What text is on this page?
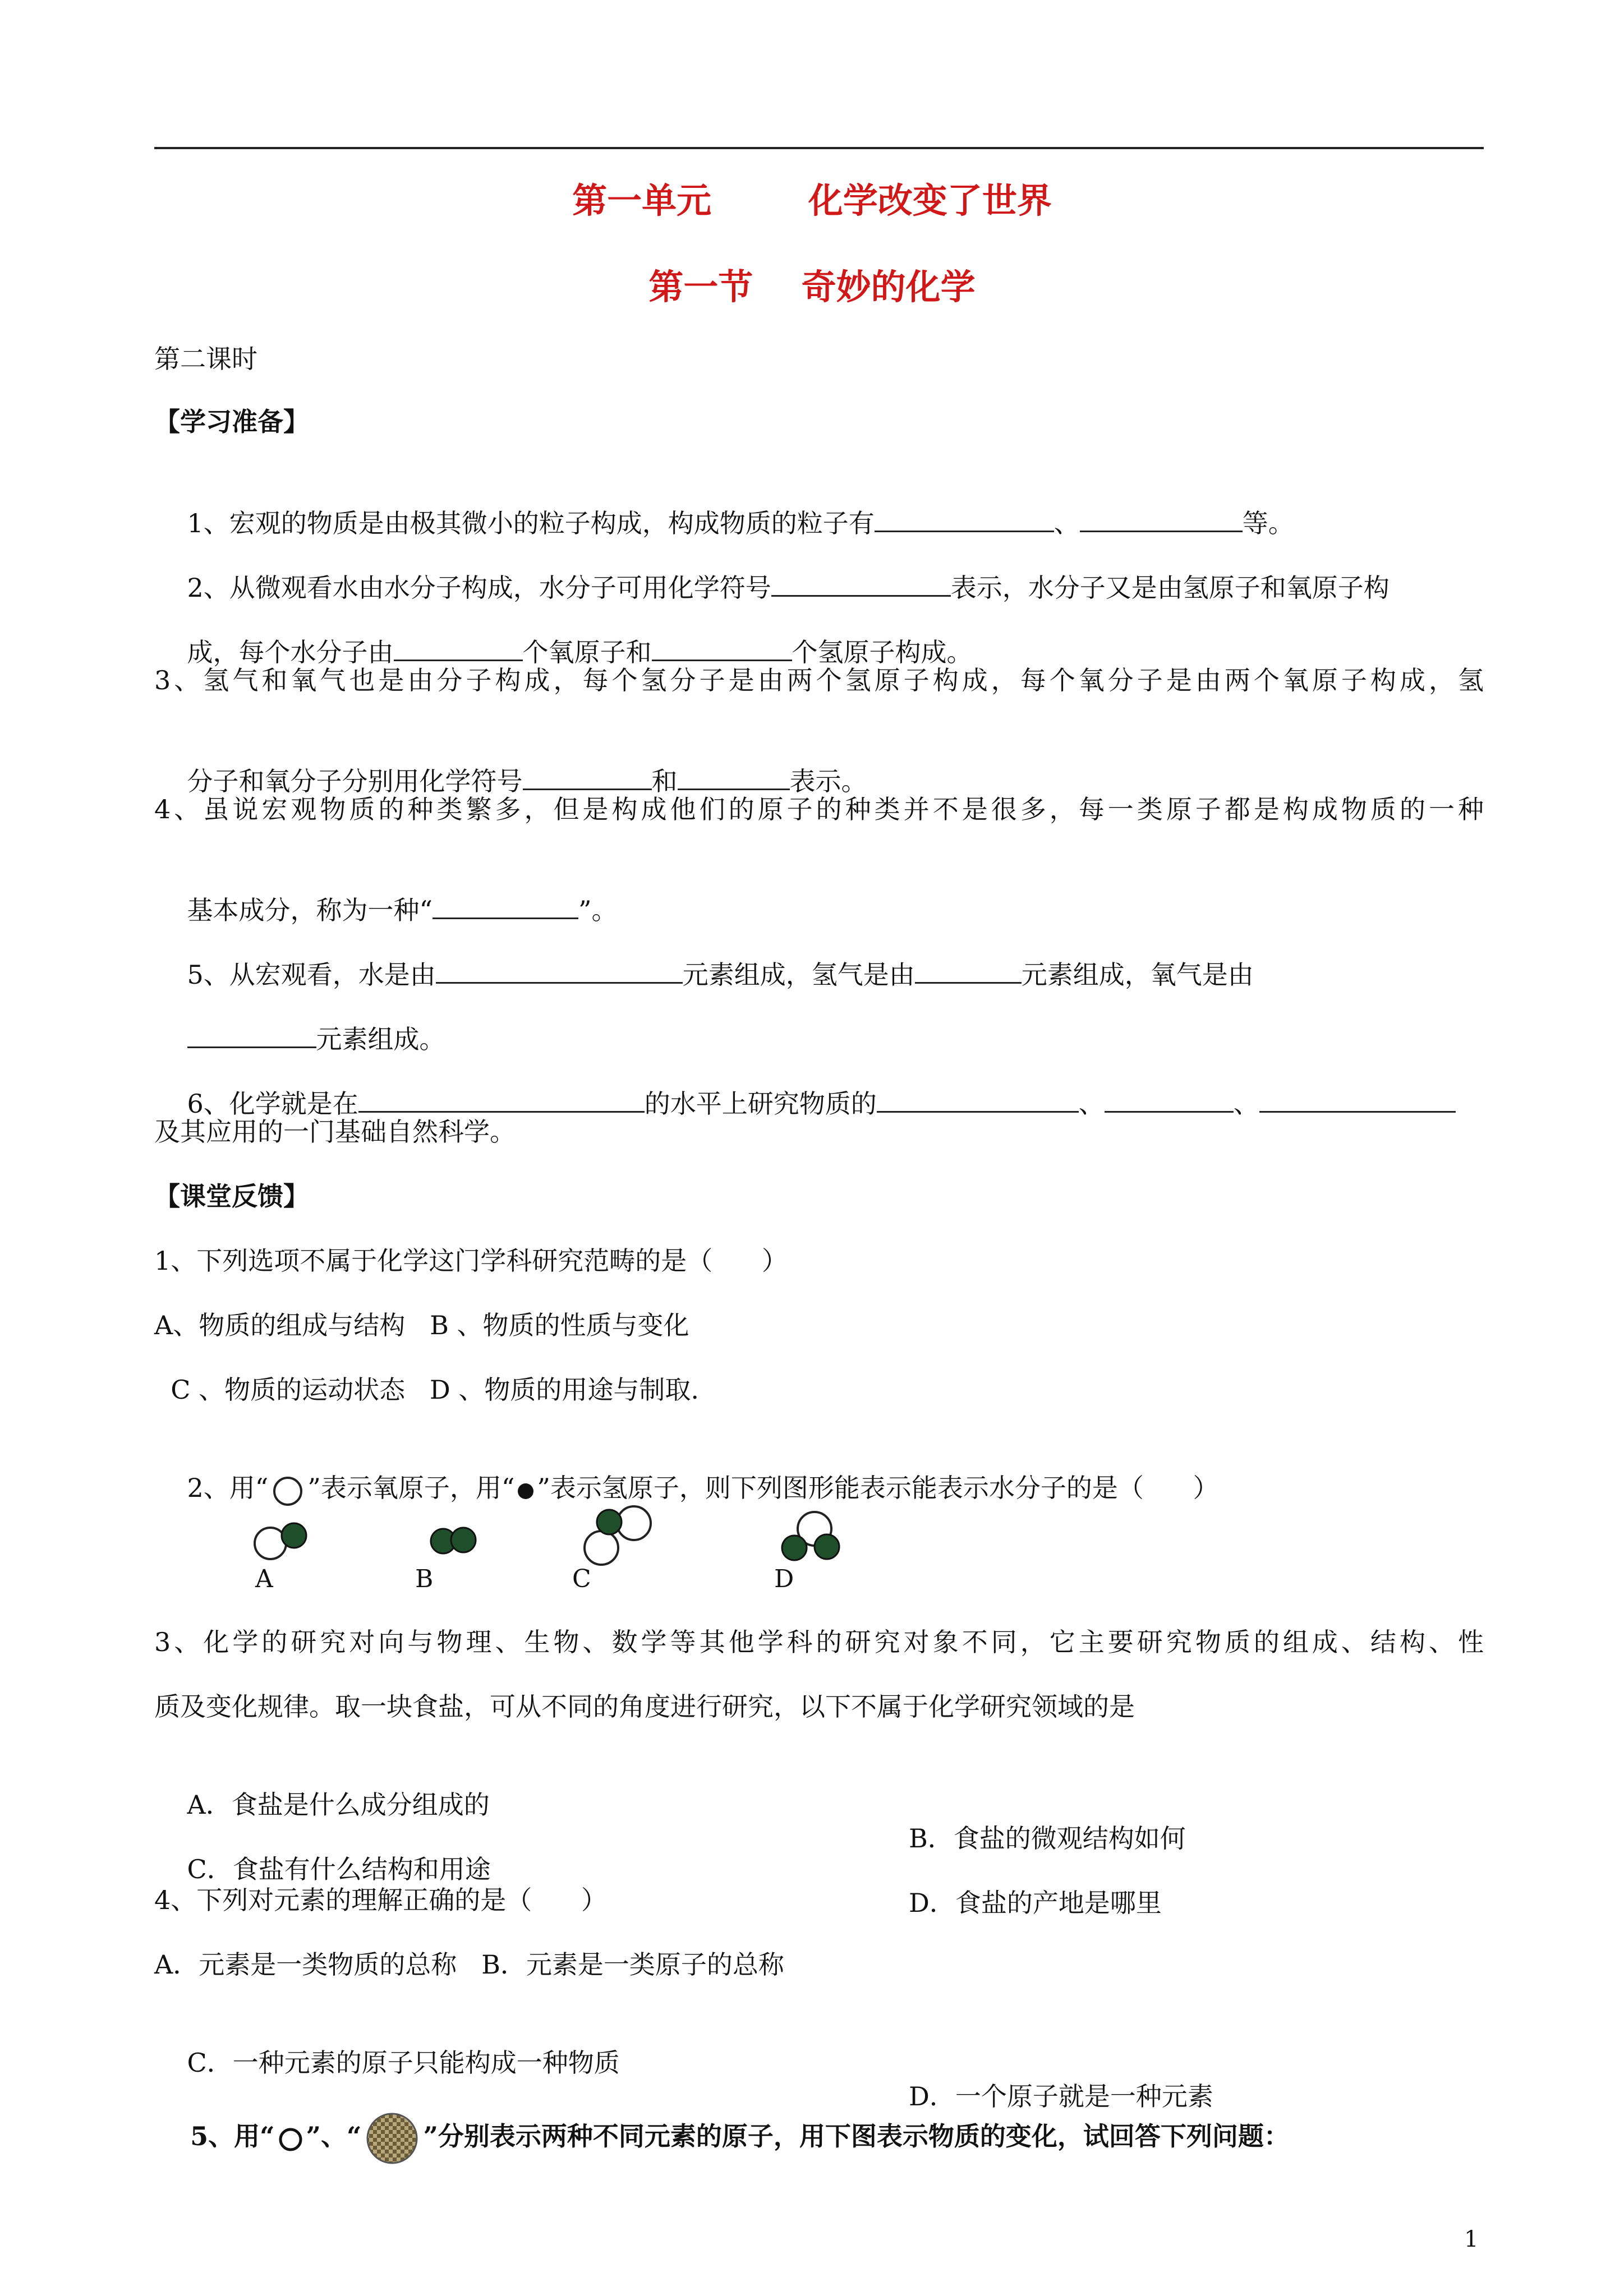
第一单元        化学改变了世界
第一节    奇妙的化学
第二课时
【学习准备】

1、宏观的物质是由极其微小的粒子构成，构成物质的粒子有	、	等。

2、从微观看水由水分子构成，水分子可用化学符号	表示，水分子又是由氢原子和氧原子构

成，每个水分子由	个氧原子和	个氢原子构成。

3、氢气和氧气也是由分子构成，每个氢分子是由两个氢原子构成，每个氧分子是由两个氧原子构成，氢

分子和氧分子分别用化学符号	和	表示。

4、虽说宏观物质的种类繁多，但是构成他们的原子的种类并不是很多，每一类原子都是构成物质的一种

基本成分，称为一种“	”。

5、从宏观看，水是由	元素组成，氢气是由	元素组成，氧气是由

元素组成。

6、化学就是在	的水平上研究物质的	、	、

及其应用的一门基础自然科学。
【课堂反馈】
1、下列选项不属于化学这门学科研究范畴的是（      ）
A、物质的组成与结构   B 、物质的性质与变化
C 、物质的运动状态   D 、物质的用途与制取.

2、用“ ”表示氧原子，用“ ”表示氢原子，则下列图形能表示能表示水分子的是（      ）

A	B	C	D
3、化学的研究对向与物理、生物、数学等其他学科的研究对象不同，它主要研究物质的组成、结构、性
质及变化规律。取一块食盐，可从不同的角度进行研究，以下不属于化学研究领域的是

A．食盐是什么成分组成的

B．食盐的微观结构如何

C．食盐有什么结构和用途

D．食盐的产地是哪里

4、下列对元素的理解正确的是（      ）
A．元素是一类物质的总称   B．元素是一类原子的总称

C．一种元素的原子只能构成一种物质

D．一个原子就是一种元素

5、用“ ”、“ ”分别表示两种不同元素的原子，用下图表示物质的变化，试回答下列问题：

1
